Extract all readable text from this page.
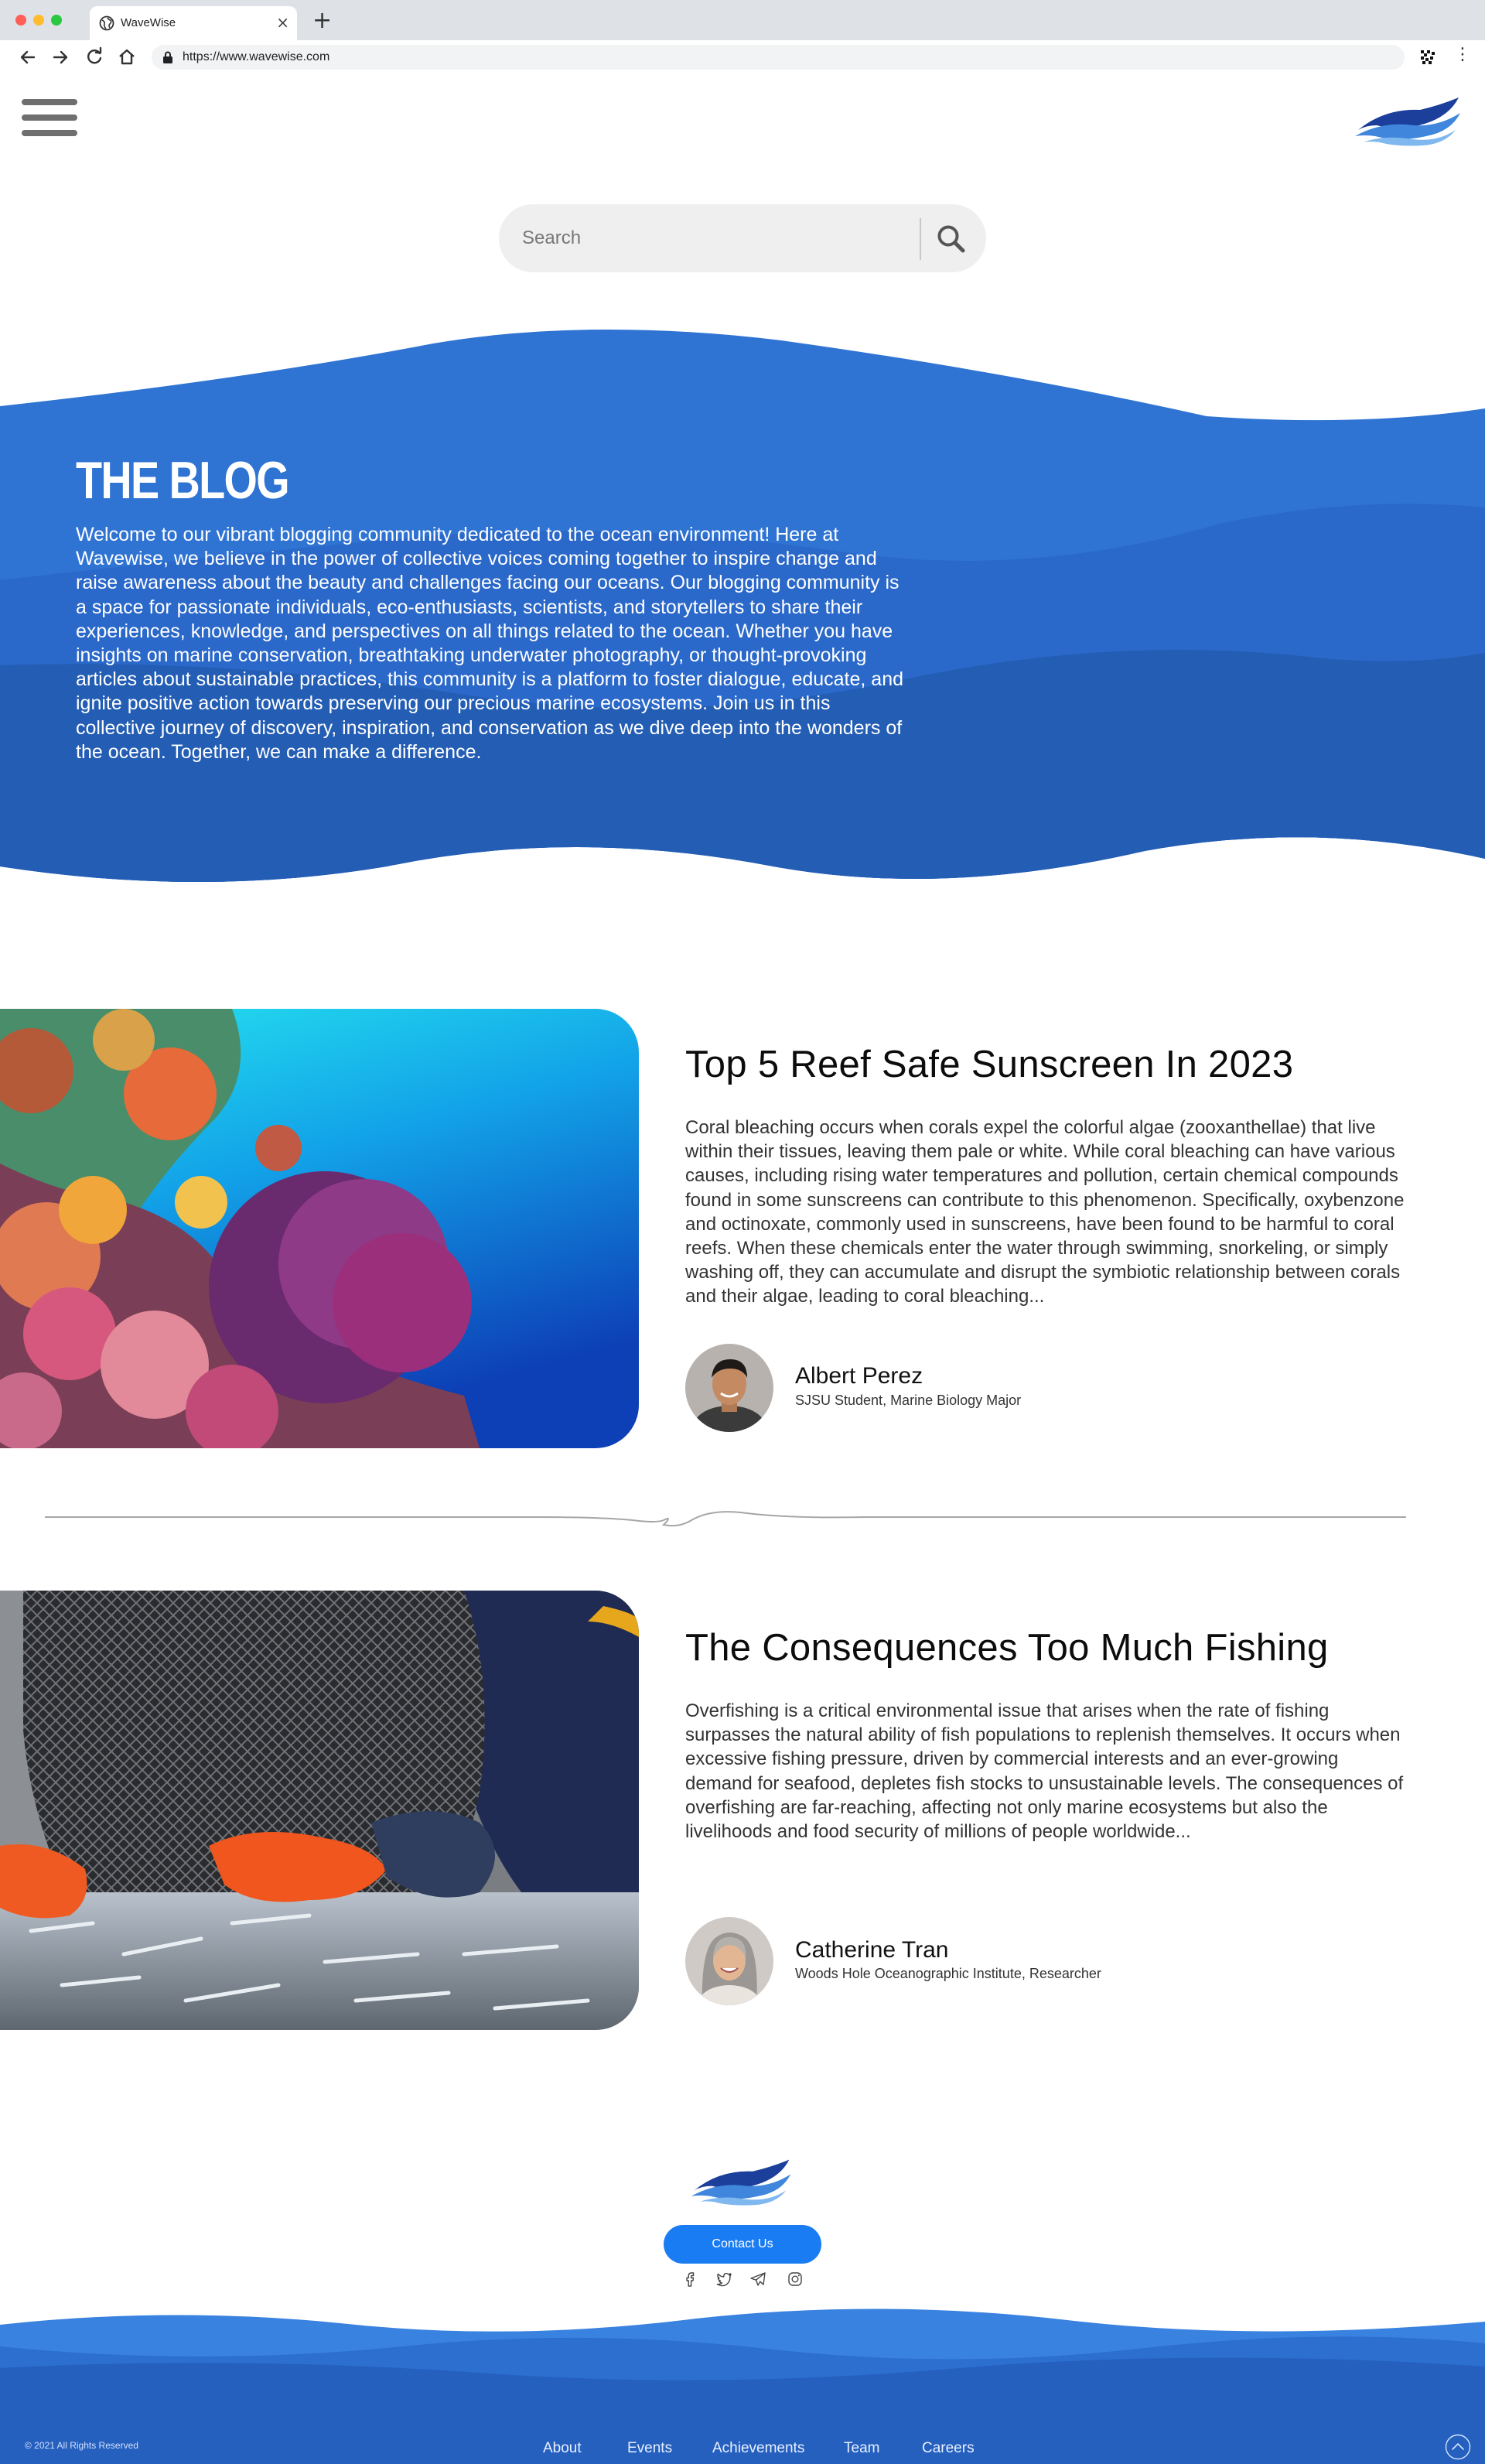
WaveWise	× +
https://www.wavewise.com	⋮
Search
THE BLOG

Welcome to our vibrant blogging community dedicated to the ocean environment! Here at Wavewise, we believe in the power of collective voices coming together to inspire change and raise awareness about the beauty and challenges facing our oceans. Our blogging community is a space for passionate individuals, eco-enthusiasts, scientists, and storytellers to share their experiences, knowledge, and perspectives on all things related to the ocean. Whether you have insights on marine conservation, breathtaking underwater photography, or thought-provoking articles about sustainable practices, this community is a platform to foster dialogue, educate, and ignite positive action towards preserving our precious marine ecosystems. Join us in this collective journey of discovery, inspiration, and conservation as we dive deep into the wonders of the ocean. Together, we can make a difference.

Top 5 Reef Safe Sunscreen In 2023

Coral bleaching occurs when corals expel the colorful algae (zooxanthellae) that live within their tissues, leaving them pale or white. While coral bleaching can have various causes, including rising water temperatures and pollution, certain chemical compounds found in some sunscreens can contribute to this phenomenon. Specifically, oxybenzone and octinoxate, commonly used in sunscreens, have been found to be harmful to coral reefs. When these chemicals enter the water through swimming, snorkeling, or simply washing off, they can accumulate and disrupt the symbiotic relationship between corals and their algae, leading to coral bleaching...

Albert Perez
SJSU Student, Marine Biology Major
The Consequences Too Much Fishing

Overfishing is a critical environmental issue that arises when the rate of fishing surpasses the natural ability of fish populations to replenish themselves. It occurs when excessive fishing pressure, driven by commercial interests and an ever-growing demand for seafood, depletes fish stocks to unsustainable levels. The consequences of overfishing are far-reaching, affecting not only marine ecosystems but also the livelihoods and food security of millions of people worldwide...

Catherine Tran
Woods Hole Oceanographic Institute, Researcher
Contact Us
© 2021 All Rights Reserved	About	Events	Achievements	Team	Careers
